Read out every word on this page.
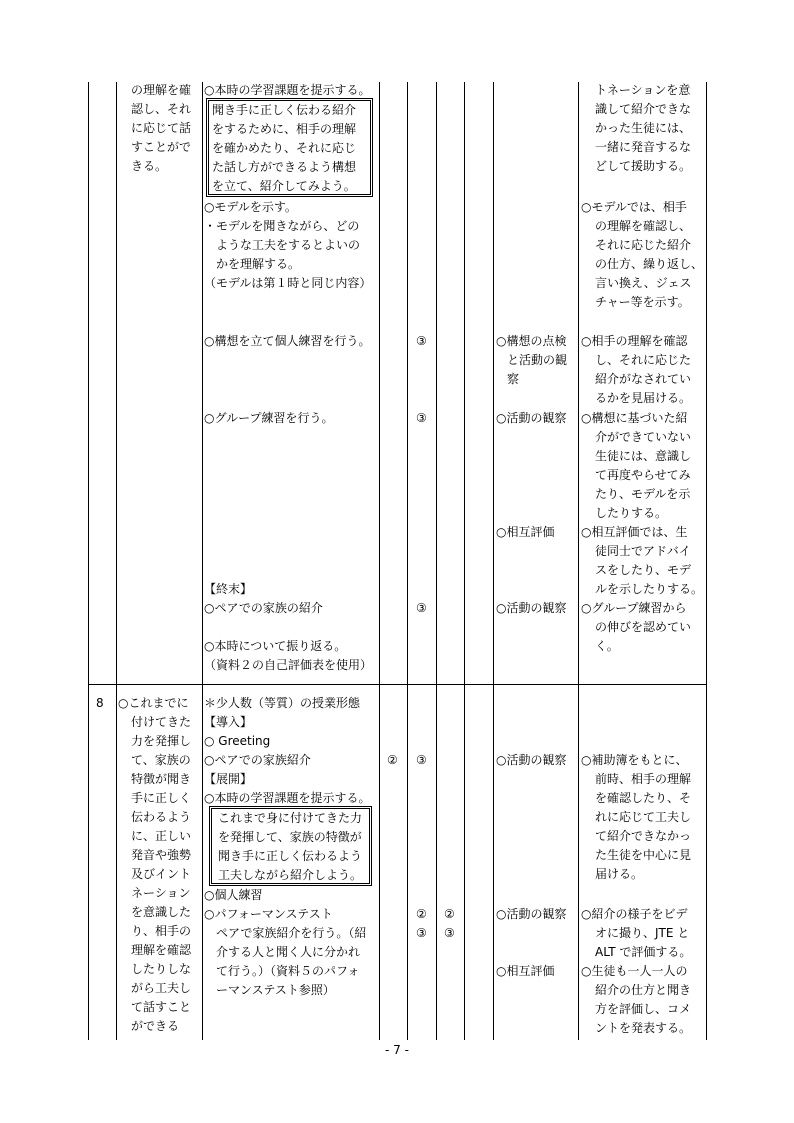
の理解を確
認し、それ
に応じて話
すことがで
きる。
○本時の学習課題を提示する。
聞き手に正しく伝わる紹介
をするために、相手の理解
を確かめたり、それに応じ
た話し方ができるよう構想
を立て、紹介してみよう。
○モデルを示す。
・モデルを聞きながら、どの
ような工夫をするとよいの
かを理解する。
（モデルは第１時と同じ内容）
○構想を立て個人練習を行う。
○グループ練習を行う。
【終末】
○ペアでの家族の紹介
○本時について振り返る。
（資料２の自己評価表を使用）
③
③
③
○構想の点検
と活動の観
察
○活動の観察
○相互評価
○活動の観察
トネーションを意
識して紹介できな
かった生徒には、
一緒に発音するな
どして援助する。
○モデルでは、相手
の理解を確認し、
それに応じた紹介
の仕方、繰り返し、
言い換え、ジェス
チャー等を示す。
○相手の理解を確認
し、それに応じた
紹介がなされてい
るかを見届ける。
○構想に基づいた紹
介ができていない
生徒には、意識し
て再度やらせてみ
たり、モデルを示
したりする。
○相互評価では、生
徒同士でアドバイ
スをしたり、モデ
ルを示したりする。
○グループ練習から
の伸びを認めてい
く。
8 ○これまでに
付けてきた
力を発揮し
て、家族の
特徴が聞き
手に正しく
伝わるよう
に、正しい
発音や強勢
及びイント
ネーション
を意識した
り、相手の
理解を確認
したりしな
がら工夫し
て話すこと
ができる
＊少人数（等質）の授業形態
【導入】
○ Greeting
○ペアでの家族紹介
【展開】
○本時の学習課題を提示する。
これまで身に付けてきた力
を発揮して、家族の特徴が
聞き手に正しく伝わるよう
工夫しながら紹介しよう。
○個人練習
○パフォーマンステスト
ペアで家族紹介を行う。（紹
介する人と聞く人に分かれ
て行う。）（資料５のパフォ
ーマンステスト参照）
② ③
② ②
③ ③
○活動の観察
○活動の観察
○相互評価
○補助簿をもとに、
前時、相手の理解
を確認したり、そ
れに応じて工夫し
て紹介できなかっ
た生徒を中心に見
届ける。
○紹介の様子をビデ
オに撮り、JTE と
ALT で評価する。
○生徒も一人一人の
紹介の仕方と聞き
方を評価し、コメ
ントを発表する。
- 7 -
